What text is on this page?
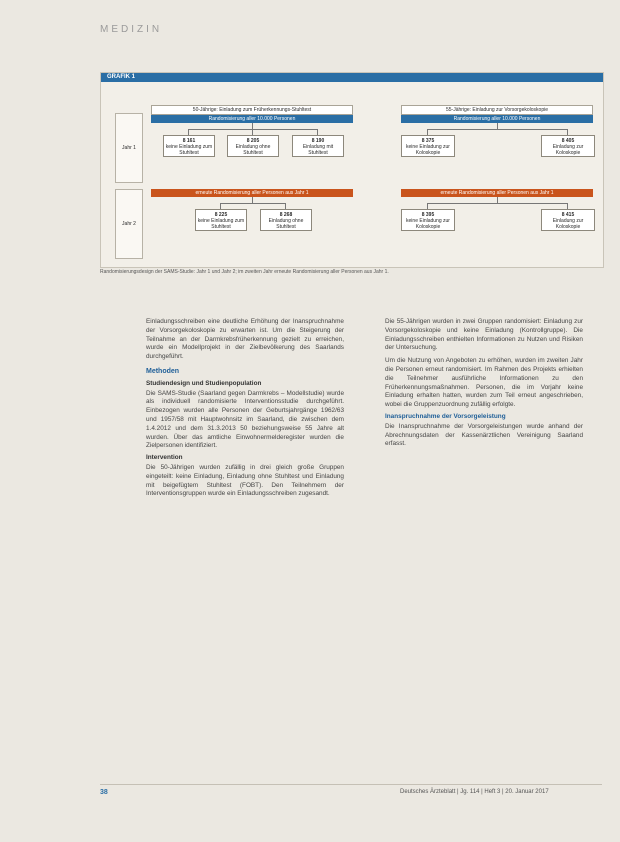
MEDIZIN
GRAFIK 1
Jahr 1
Jahr 2
50-Jährige: Einladung zum Früherkennungs-Stuhltest
Randomisierung aller 10.000 Personen
55-Jährige: Einladung zur Vorsorgekoloskopie
Randomisierung aller 10.000 Personen
8 161
keine Einladung zum Stuhltest
8 205
Einladung ohne Stuhltest
8 190
Einladung mit Stuhltest
8 375
keine Einladung zur Koloskopie
8 405
Einladung zur Koloskopie
erneute Randomisierung aller Personen aus Jahr 1	erneute Randomisierung aller Personen aus Jahr 1
8 225
keine Einladung zum Stuhltest
8 268
Einladung ohne Stuhltest
8 395
keine Einladung zur Koloskopie
8 415
Einladung zur Koloskopie
Randomisierungsdesign der SAMS-Studie: Jahr 1 und Jahr 2; im zweiten Jahr erneute Randomisierung aller Personen aus Jahr 1.

Einladungsschreiben eine deutliche Erhöhung der Inanspruchnahme der Vorsorgekoloskopie zu erwarten ist. Um die Steigerung der Teilnahme an der Darmkrebsfrüherkennung gezielt zu erreichen, wurde ein Modellprojekt in der Zielbevölkerung des Saarlands durchgeführt.

Methoden
Studiendesign und Studienpopulation

Die SAMS-Studie (Saarland gegen Darmkrebs – Modellstudie) wurde als individuell randomisierte Interventionsstudie durchgeführt. Einbezogen wurden alle Personen der Geburtsjahrgänge 1962/63 und 1957/58 mit Hauptwohnsitz im Saarland, die zwischen dem 1.4.2012 und dem 31.3.2013 50 beziehungsweise 55 Jahre alt wurden. Über das amtliche Einwohnermelderegister wurden die Zielpersonen identifiziert.

Intervention

Die 50-Jährigen wurden zufällig in drei gleich große Gruppen eingeteilt: keine Einladung, Einladung ohne Stuhltest und Einladung mit beigefügtem Stuhltest (FOBT). Den Teilnehmern der Interventionsgruppen wurde ein Einladungsschreiben zugesandt.

Die 55-Jährigen wurden in zwei Gruppen randomisiert: Einladung zur Vorsorgekoloskopie und keine Einladung (Kontrollgruppe). Die Einladungsschreiben enthielten Informationen zu Nutzen und Risiken der Untersuchung.

Um die Nutzung von Angeboten zu erhöhen, wurden im zweiten Jahr die Personen erneut randomisiert. Im Rahmen des Projekts erhielten die Teilnehmer ausführliche Informationen zu den Früherkennungsmaßnahmen. Personen, die im Vorjahr keine Einladung erhalten hatten, wurden zum Teil erneut angeschrieben, wobei die Gruppenzuordnung zufällig erfolgte.

Inanspruchnahme der Vorsorgeleistung

Die Inanspruchnahme der Vorsorgeleistungen wurde anhand der Abrechnungsdaten der Kassenärztlichen Vereinigung Saarland erfasst.

38	Deutsches Ärzteblatt | Jg. 114 | Heft 3 | 20. Januar 2017
